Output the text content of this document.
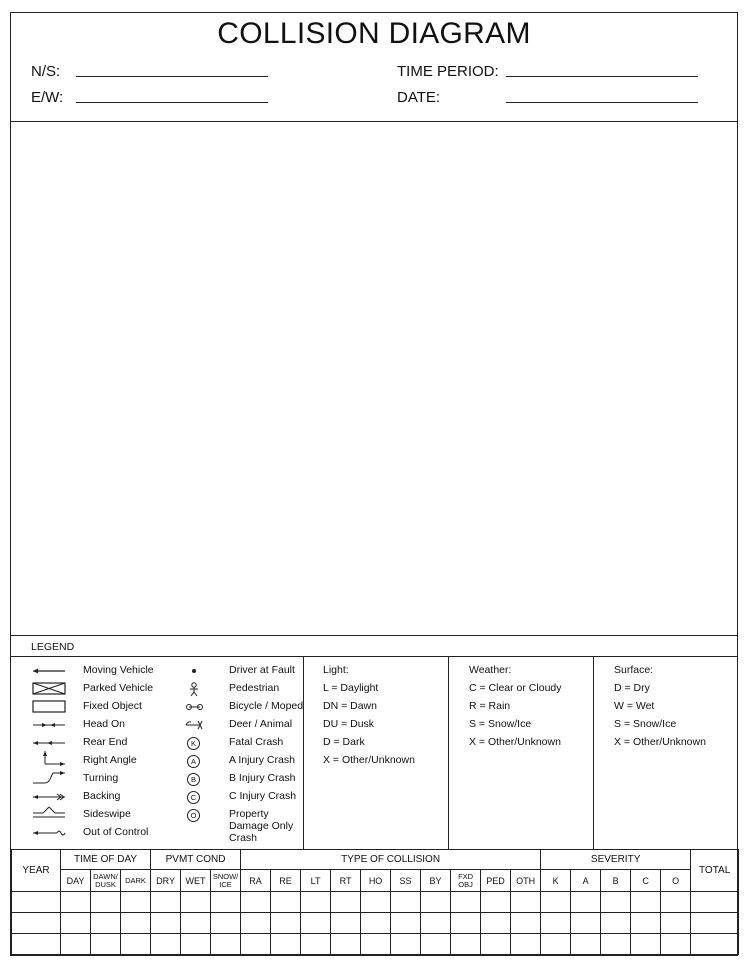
COLLISION DIAGRAM
N/S:
E/W:
TIME PERIOD:
DATE:
LEGEND
YEAR	TIME OF DAY			PVMT COND			TYPE OF COLLISION										SEVERITY					TOTAL
	DAY	DAWN/ DUSK	DARK	DRY	WET	SNOW/ ICE	RA	RE	LT	RT	HO	SS	BY	FXD OBJ	PED	OTH	K	A	B	C	O	

Moving Vehicle
Parked Vehicle
Fixed Object
Head On
Rear End
Right Angle
Turning
Backing
Sideswipe
Out of Control
Driver at Fault
Pedestrian
Bicycle / Moped
Deer / Animal
K	Fatal Crash
A	A Injury Crash
B	B Injury Crash
C	C Injury Crash
O	Property
Damage Only
Crash
Light:
L = Daylight
DN = Dawn
DU = Dusk
D = Dark
X = Other/Unknown
Weather:
C = Clear or Cloudy
R = Rain
S = Snow/Ice
X = Other/Unknown
Surface:
D = Dry
W = Wet
S = Snow/Ice
X = Other/Unknown
